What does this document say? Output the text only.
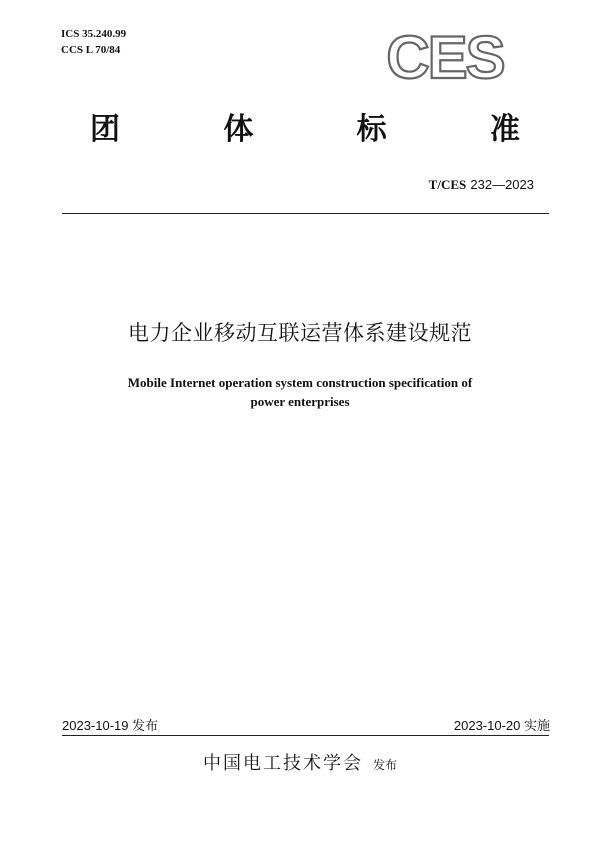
ICS 35.240.99
CCS L 70/84	CES
团	体	标	准
T/CES 232—2023
电力企业移动互联运营体系建设规范
Mobile Internet operation system construction specification of
power enterprises
2023-10-19 发布	2023-10-20 实施
中国电工技术学会 发布
